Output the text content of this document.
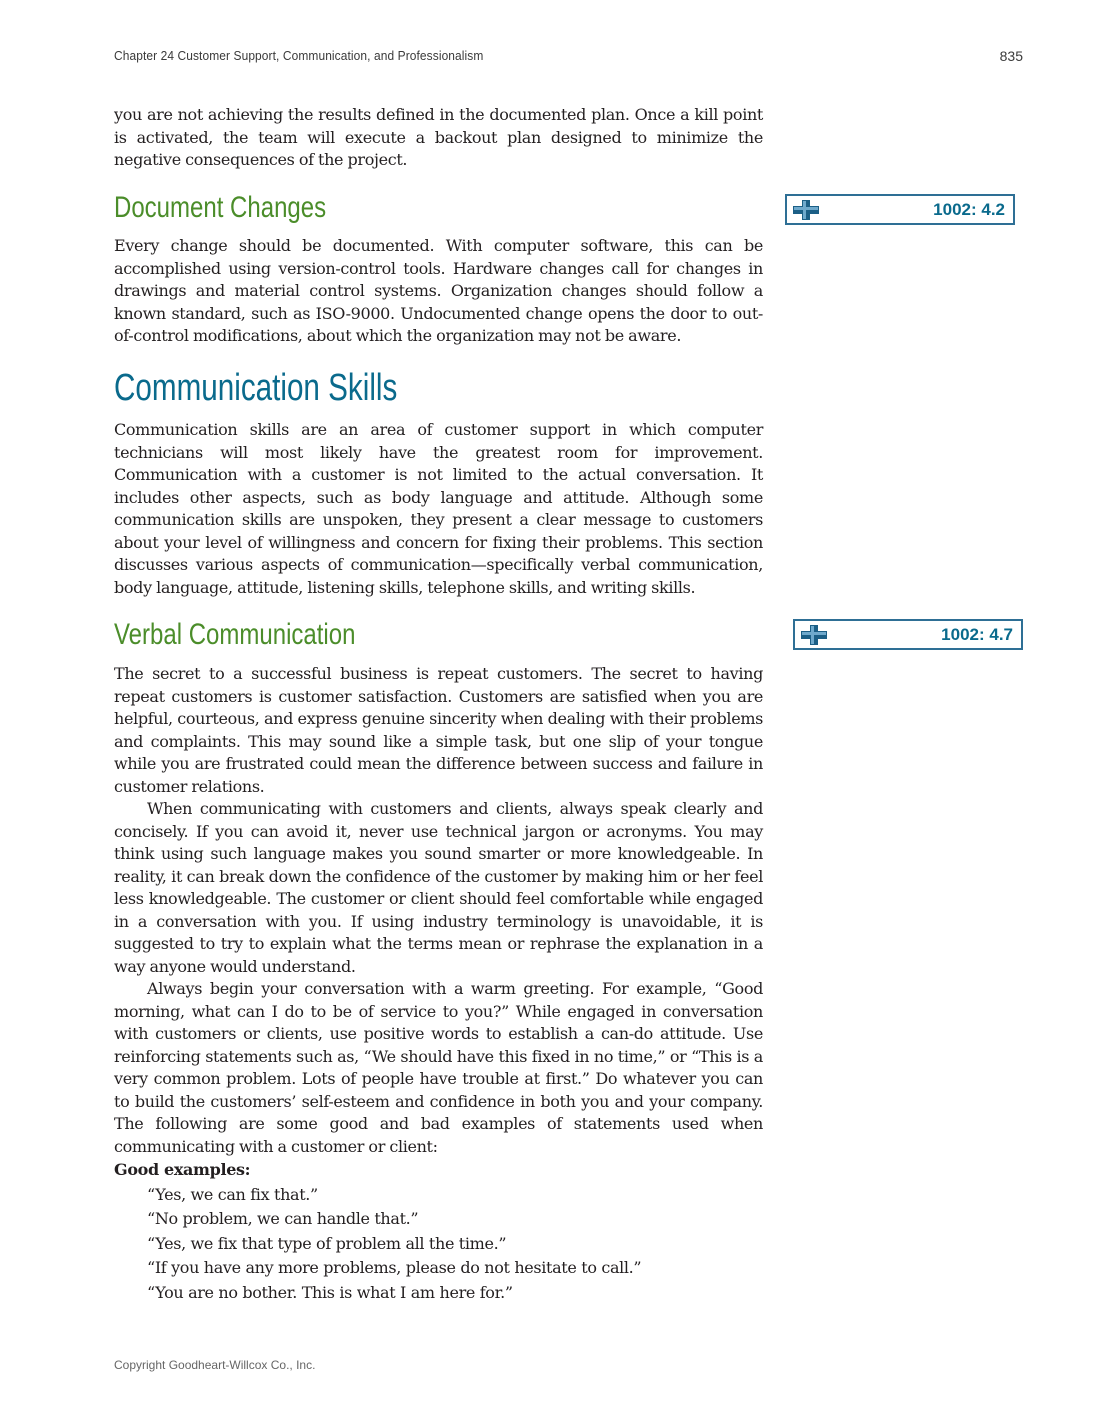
Chapter 24 Customer Support, Communication, and Professionalism	835

you are not achieving the results defined in the documented plan. Once a kill point is activated, the team will execute a backout plan designed to minimize the negative consequences of the project.

Document Changes	1002: 4.2

Every change should be documented. With computer software, this can be accomplished using version-control tools. Hardware changes call for changes in drawings and material control systems. Organization changes should follow a known standard, such as ISO-9000. Undocumented change opens the door to out-of-control modifications, about which the organization may not be aware.

Communication Skills

Communication skills are an area of customer support in which computer technicians will most likely have the greatest room for improvement. Communication with a customer is not limited to the actual conversation. It includes other aspects, such as body language and attitude. Although some communication skills are unspoken, they present a clear message to customers about your level of willingness and concern for fixing their problems. This section discusses various aspects of communication—specifically verbal communication, body language, attitude, listening skills, telephone skills, and writing skills.

Verbal Communication	1002: 4.7

The secret to a successful business is repeat customers. The secret to having repeat customers is customer satisfaction. Customers are satisfied when you are helpful, courteous, and express genuine sincerity when dealing with their problems and complaints. This may sound like a simple task, but one slip of your tongue while you are frustrated could mean the difference between success and failure in customer relations.

When communicating with customers and clients, always speak clearly and concisely. If you can avoid it, never use technical jargon or acronyms. You may think using such language makes you sound smarter or more knowledgeable. In reality, it can break down the confidence of the customer by making him or her feel less knowledgeable. The customer or client should feel comfortable while engaged in a conversation with you. If using industry terminology is unavoidable, it is suggested to try to explain what the terms mean or rephrase the explanation in a way anyone would understand.

Always begin your conversation with a warm greeting. For example, “Good morning, what can I do to be of service to you?” While engaged in conversation with customers or clients, use positive words to establish a can-do attitude. Use reinforcing statements such as, “We should have this fixed in no time,” or “This is a very common problem. Lots of people have trouble at first.” Do whatever you can to build the customers’ self-esteem and confidence in both you and your company. The following are some good and bad examples of statements used when communicating with a customer or client:

Good examples:
“Yes, we can fix that.”
“No problem, we can handle that.”
“Yes, we fix that type of problem all the time.”
“If you have any more problems, please do not hesitate to call.”
“You are no bother. This is what I am here for.”
Copyright Goodheart-Willcox Co., Inc.
